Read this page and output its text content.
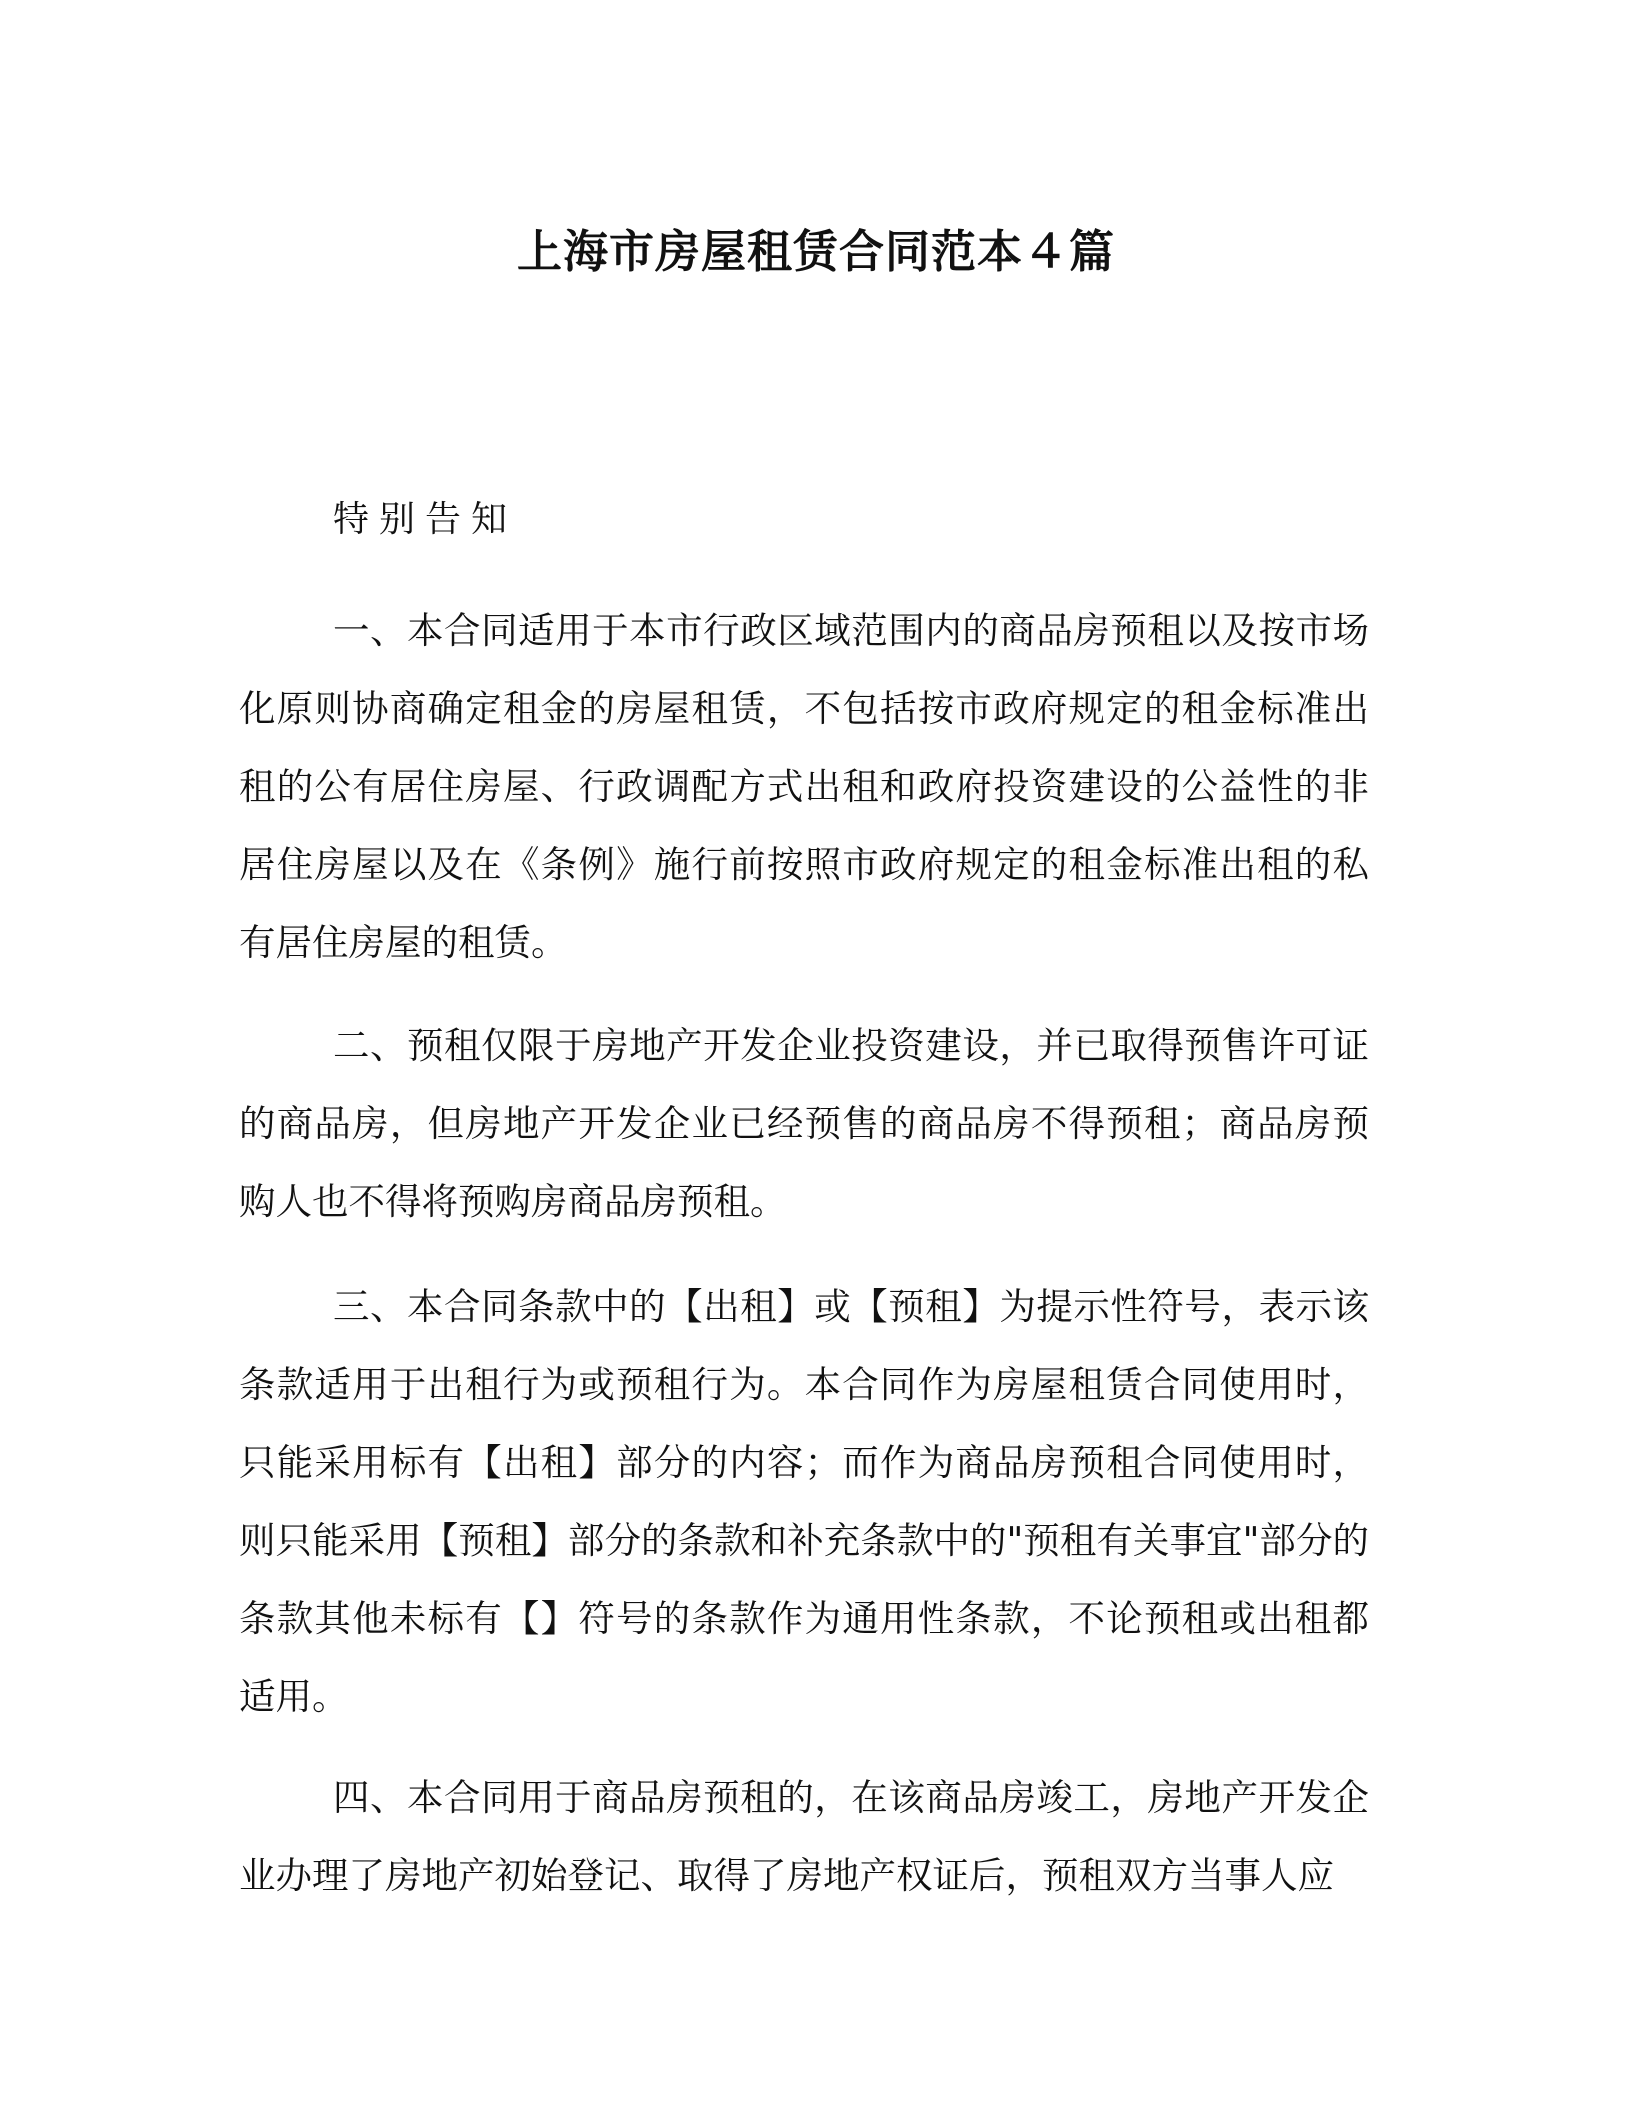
上海市房屋租赁合同范本４篇

特别告知

一、本合同适用于本市行政区域范围内的商品房预租以及按市场化原则协商确定租金的房屋租赁，不包括按市政府规定的租金标准出租的公有居住房屋、行政调配方式出租和政府投资建设的公益性的非居住房屋以及在《条例》施行前按照市政府规定的租金标准出租的私有居住房屋的租赁。

二、预租仅限于房地产开发企业投资建设，并已取得预售许可证的商品房，但房地产开发企业已经预售的商品房不得预租；商品房预购人也不得将预购房商品房预租。

三、本合同条款中的【出租】或【预租】为提示性符号，表示该条款适用于出租行为或预租行为。本合同作为房屋租赁合同使用时，只能采用标有【出租】部分的内容；而作为商品房预租合同使用时，则只能采用【预租】部分的条款和补充条款中的"预租有关事宜"部分的条款其他未标有【】符号的条款作为通用性条款，不论预租或出租都适用。

四、本合同用于商品房预租的，在该商品房竣工，房地产开发企业办理了房地产初始登记、取得了房地产权证后，预租双方当事人应
